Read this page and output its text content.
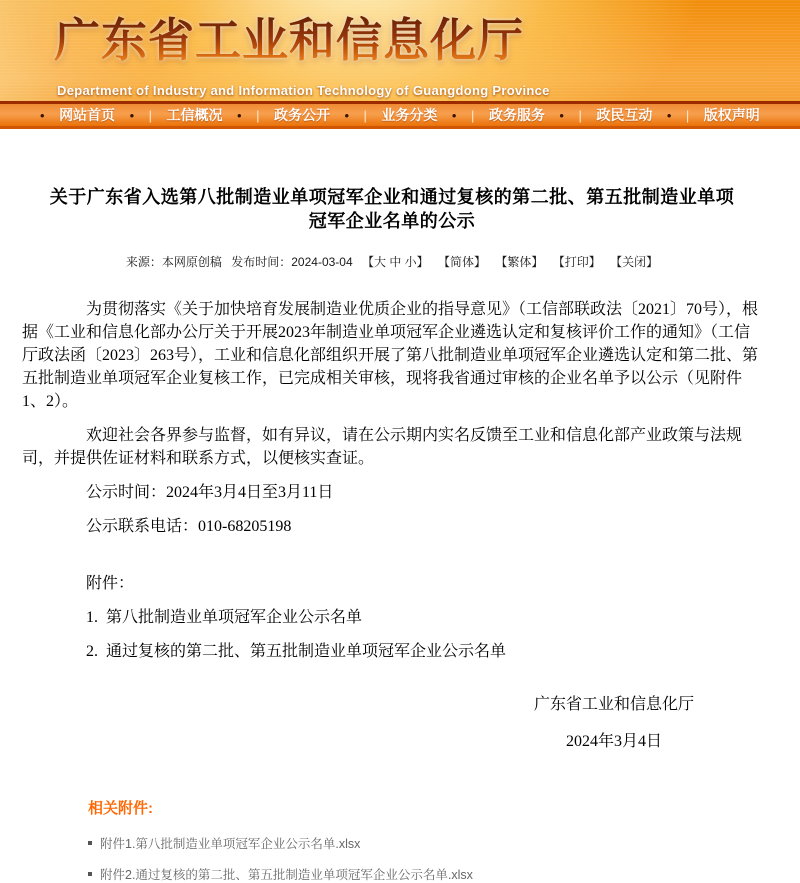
广东省工业和信息化厅
Department of Industry and Information Technology of Guangdong Province
• 网站首页 • | 工信概况 • | 政务公开 • | 业务分类 • | 政务服务 • | 政民互动 • | 版权声明
关于广东省入选第八批制造业单项冠军企业和通过复核的第二批、第五批制造业单项冠军企业名单的公示
来源：本网原创稿 发布时间：2024-03-04 【大 中 小】 【简体】 【繁体】 【打印】 【关闭】

为贯彻落实《关于加快培育发展制造业优质企业的指导意见》（工信部联政法〔2021〕70号），根据《工业和信息化部办公厅关于开展2023年制造业单项冠军企业遴选认定和复核评价工作的通知》（工信厅政法函〔2023〕263号），工业和信息化部组织开展了第八批制造业单项冠军企业遴选认定和第二批、第五批制造业单项冠军企业复核工作，已完成相关审核，现将我省通过审核的企业名单予以公示（见附件1、2）。

欢迎社会各界参与监督，如有异议，请在公示期内实名反馈至工业和信息化部产业政策与法规司，并提供佐证材料和联系方式，以便核实查证。

公示时间：2024年3月4日至3月11日

公示联系电话：010-68205198

附件：

1.  第八批制造业单项冠军企业公示名单

2.  通过复核的第二批、第五批制造业单项冠军企业公示名单

广东省工业和信息化厅
2024年3月4日
相关附件:
附件1.第八批制造业单项冠军企业公示名单.xlsx
附件2.通过复核的第二批、第五批制造业单项冠军企业公示名单.xlsx
